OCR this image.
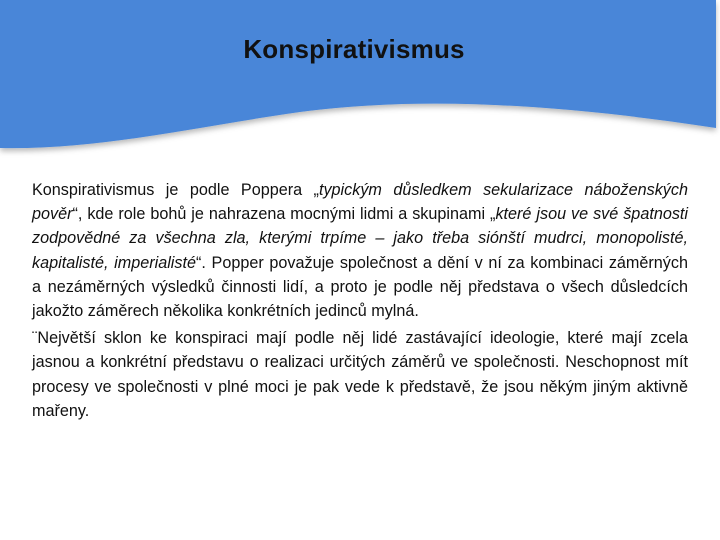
Konspirativismus

Konspirativismus je podle Poppera „typickým důsledkem sekularizace náboženských pověr“, kde role bohů je nahrazena mocnými lidmi a skupinami „které jsou ve své špatnosti zodpovědné za všechna zla, kterými trpíme – jako třeba siónští mudrci, monopolisté, kapitalisté, imperialisté“. Popper považuje společnost a dění v ní za kombinaci záměrných a nezáměrných výsledků činnosti lidí, a proto je podle něj představa o všech důsledcích jakožto záměrech několika konkrétních jedinců mylná.

¨Největší sklon ke konspiraci mají podle něj lidé zastávající ideologie, které mají zcela jasnou a konkrétní představu o realizaci určitých záměrů ve společnosti. Neschopnost mít procesy ve společnosti v plné moci je pak vede k představě, že jsou někým jiným aktivně mařeny.
